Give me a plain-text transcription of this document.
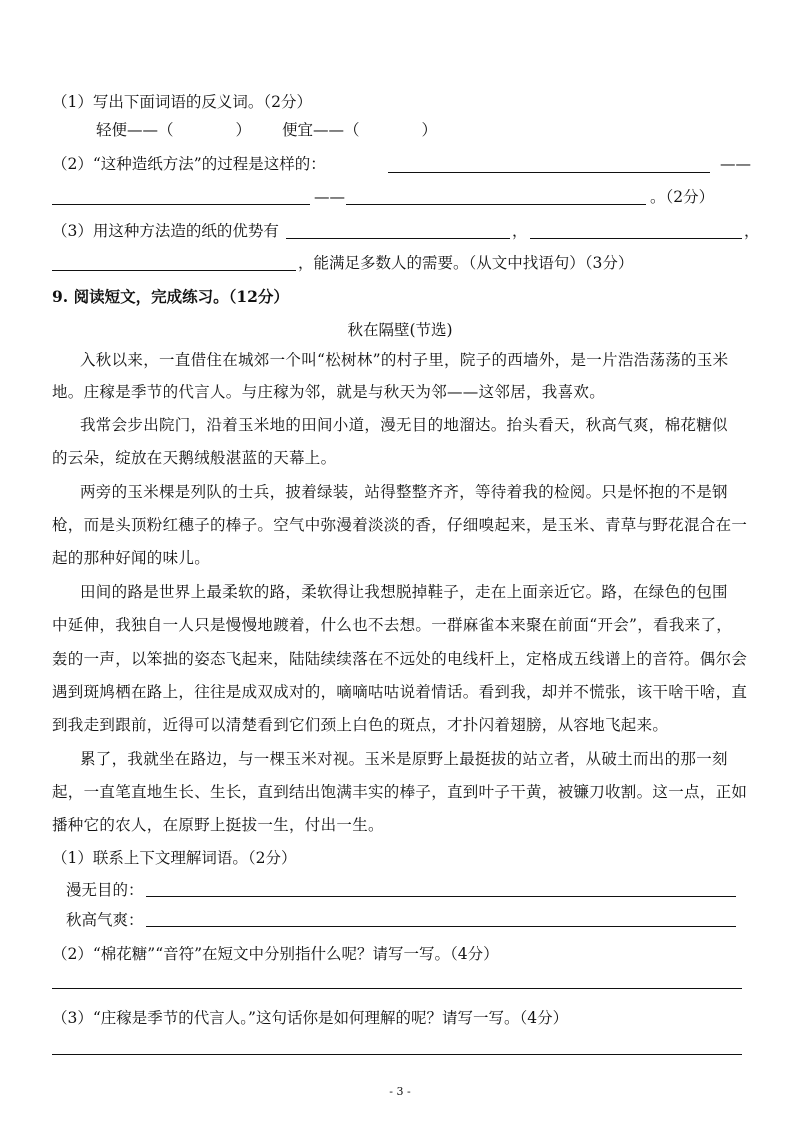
（1）写出下面词语的反义词。（2分）
轻便——（　　　　） 便宜——（　　　　）
（2）“这种造纸方法”的过程是这样的：	——
——	。（2分）
（3）用这种方法造的纸的优势有	，	，
，能满足多数人的需要。（从文中找语句）（3分）
9. 阅读短文，完成练习。（12分）
秋在隔壁(节选)
入秋以来，一直借住在城郊一个叫“松树林”的村子里，院子的西墙外，是一片浩浩荡荡的玉米
地。庄稼是季节的代言人。与庄稼为邻，就是与秋天为邻——这邻居，我喜欢。
我常会步出院门，沿着玉米地的田间小道，漫无目的地溜达。抬头看天，秋高气爽，棉花糖似
的云朵，绽放在天鹅绒般湛蓝的天幕上。
两旁的玉米棵是列队的士兵，披着绿装，站得整整齐齐，等待着我的检阅。只是怀抱的不是钢
枪，而是头顶粉红穗子的棒子。空气中弥漫着淡淡的香，仔细嗅起来，是玉米、青草与野花混合在一
起的那种好闻的味儿。
田间的路是世界上最柔软的路，柔软得让我想脱掉鞋子，走在上面亲近它。路，在绿色的包围
中延伸，我独自一人只是慢慢地踱着，什么也不去想。一群麻雀本来聚在前面“开会”，看我来了，
轰的一声，以笨拙的姿态飞起来，陆陆续续落在不远处的电线杆上，定格成五线谱上的音符。偶尔会
遇到斑鸠栖在路上，往往是成双成对的，嘀嘀咕咕说着情话。看到我，却并不慌张，该干啥干啥，直
到我走到跟前，近得可以清楚看到它们颈上白色的斑点，才扑闪着翅膀，从容地飞起来。
累了，我就坐在路边，与一棵玉米对视。玉米是原野上最挺拔的站立者，从破土而出的那一刻
起，一直笔直地生长、生长，直到结出饱满丰实的棒子，直到叶子干黄，被镰刀收割。这一点，正如
播种它的农人，在原野上挺拔一生，付出一生。
（1）联系上下文理解词语。（2分）
漫无目的：
秋高气爽：
（2）“棉花糖”“音符”在短文中分别指什么呢？请写一写。（4分）
（3）“庄稼是季节的代言人。”这句话你是如何理解的呢？请写一写。（4分）
- 3 -
